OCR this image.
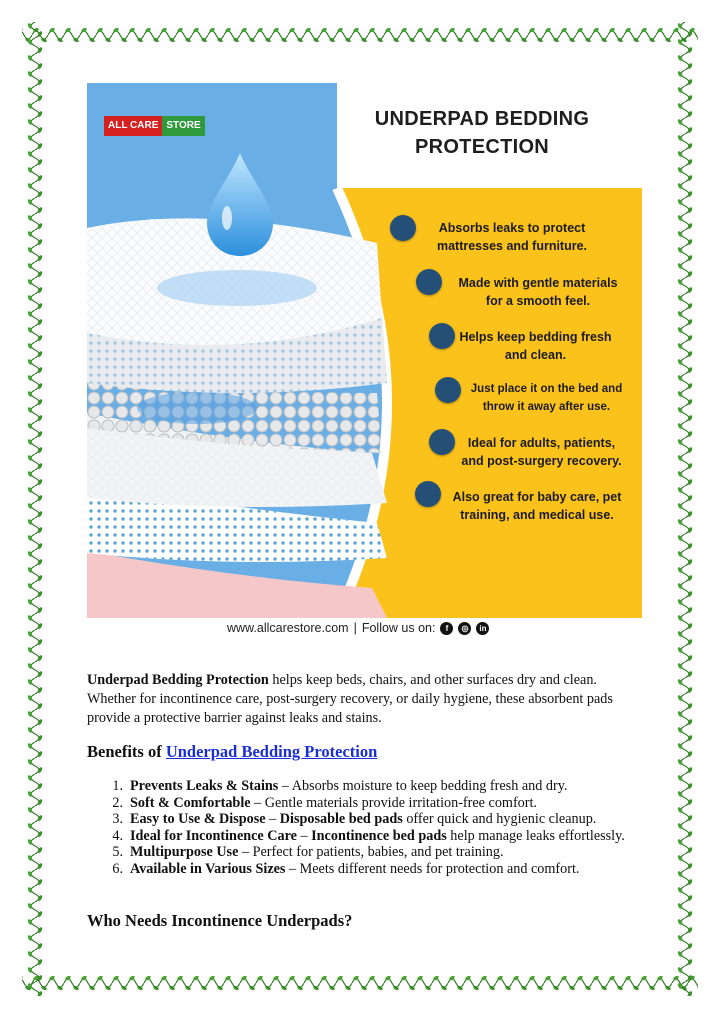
ALL CARE STORE	UNDERPAD BEDDING
PROTECTION
Absorbs leaks to protect
mattresses and furniture.
Made with gentle materials
for a smooth feel.
Helps keep bedding fresh
and clean.
Just place it on the bed and
throw it away after use.
Ideal for adults, patients,
and post-surgery recovery.
Also great for baby care, pet
training, and medical use.
www.allcarestore.com | Follow us on:	f	◎	in

Underpad Bedding Protection helps keep beds, chairs, and other surfaces dry and clean. Whether for incontinence care, post-surgery recovery, or daily hygiene, these absorbent pads provide a protective barrier against leaks and stains.

Benefits of Underpad Bedding Protection
1. Prevents Leaks & Stains – Absorbs moisture to keep bedding fresh and dry.
2. Soft & Comfortable – Gentle materials provide irritation-free comfort.
3. Easy to Use & Dispose – Disposable bed pads offer quick and hygienic cleanup.
4. Ideal for Incontinence Care – Incontinence bed pads help manage leaks effortlessly.
5. Multipurpose Use – Perfect for patients, babies, and pet training.
6. Available in Various Sizes – Meets different needs for protection and comfort.
Who Needs Incontinence Underpads?
